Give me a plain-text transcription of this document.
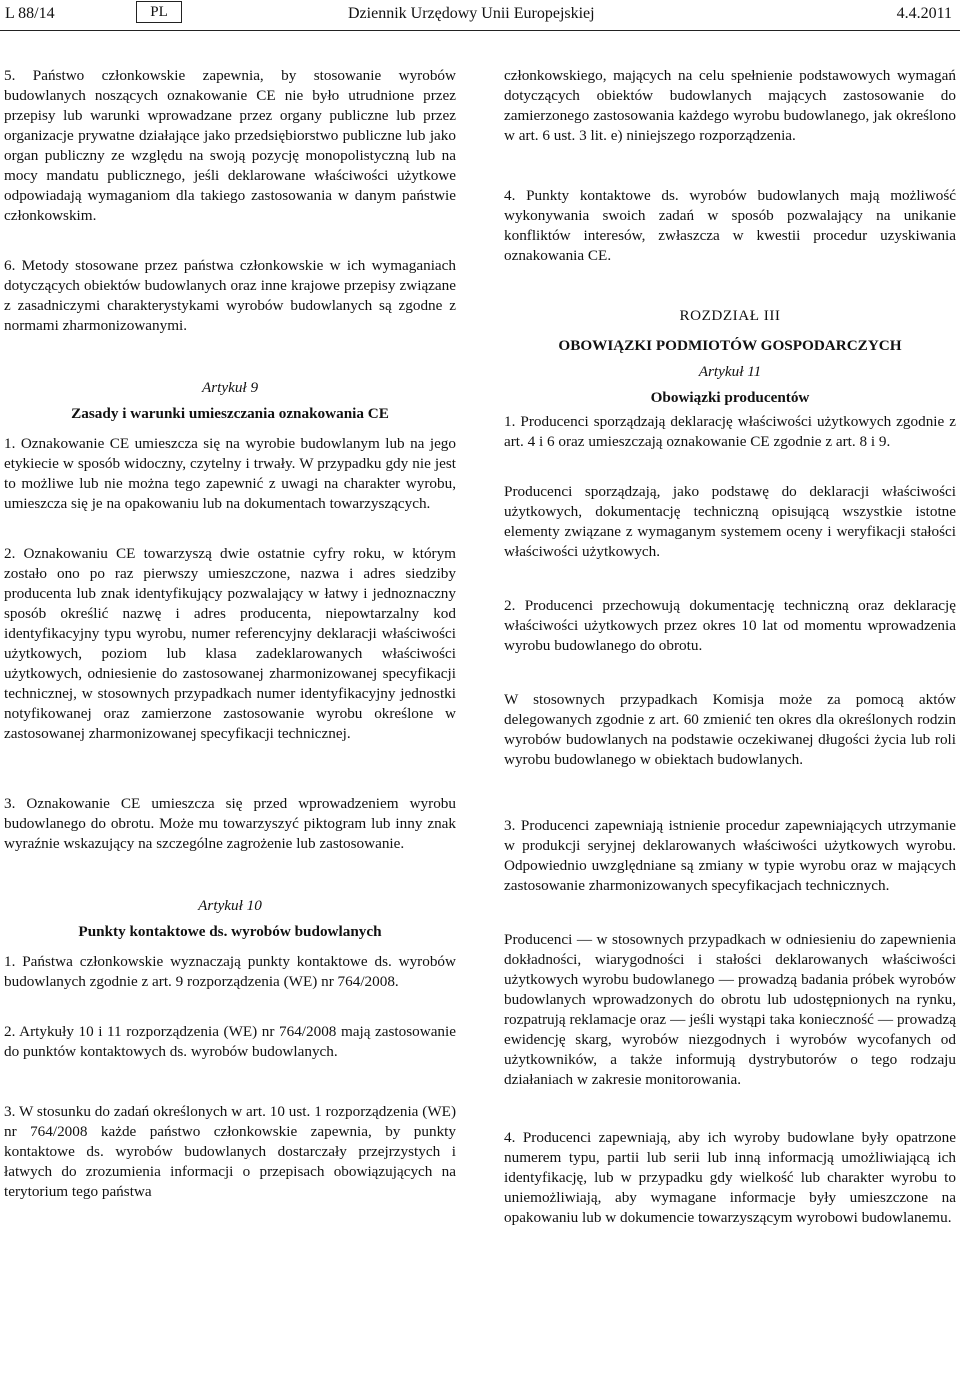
L 88/14	PL	Dziennik Urzędowy Unii Europejskiej	4.4.2011

5. Państwo członkowskie zapewnia, by stosowanie wyrobów budowlanych noszących oznakowanie CE nie było utrudnione przez przepisy lub warunki wprowadzane przez organy publiczne lub przez organizacje prywatne działające jako przedsiębiorstwo publiczne lub jako organ publiczny ze względu na swoją pozycję monopolistyczną lub na mocy mandatu publicznego, jeśli deklarowane właściwości użytkowe odpowiadają wymaganiom dla takiego zastosowania w danym państwie członkowskim.

6. Metody stosowane przez państwa członkowskie w ich wymaganiach dotyczących obiektów budowlanych oraz inne krajowe przepisy związane z zasadniczymi charakterystykami wyrobów budowlanych są zgodne z normami zharmonizowanymi.

Artykuł 9

Zasady i warunki umieszczania oznakowania CE

1. Oznakowanie CE umieszcza się na wyrobie budowlanym lub na jego etykiecie w sposób widoczny, czytelny i trwały. W przypadku gdy nie jest to możliwe lub nie można tego zapewnić z uwagi na charakter wyrobu, umieszcza się je na opakowaniu lub na dokumentach towarzyszących.

2. Oznakowaniu CE towarzyszą dwie ostatnie cyfry roku, w którym zostało ono po raz pierwszy umieszczone, nazwa i adres siedziby producenta lub znak identyfikujący pozwalający w łatwy i jednoznaczny sposób określić nazwę i adres producenta, niepowtarzalny kod identyfikacyjny typu wyrobu, numer referencyjny deklaracji właściwości użytkowych, poziom lub klasa zadeklarowanych właściwości użytkowych, odniesienie do zastosowanej zharmonizowanej specyfikacji technicznej, w stosownych przypadkach numer identyfikacyjny jednostki notyfikowanej oraz zamierzone zastosowanie wyrobu określone w zastosowanej zharmonizowanej specyfikacji technicznej.

3. Oznakowanie CE umieszcza się przed wprowadzeniem wyrobu budowlanego do obrotu. Może mu towarzyszyć piktogram lub inny znak wyraźnie wskazujący na szczególne zagrożenie lub zastosowanie.

Artykuł 10

Punkty kontaktowe ds. wyrobów budowlanych

1. Państwa członkowskie wyznaczają punkty kontaktowe ds. wyrobów budowlanych zgodnie z art. 9 rozporządzenia (WE) nr 764/2008.

2. Artykuły 10 i 11 rozporządzenia (WE) nr 764/2008 mają zastosowanie do punktów kontaktowych ds. wyrobów budowlanych.

3. W stosunku do zadań określonych w art. 10 ust. 1 rozporządzenia (WE) nr 764/2008 każde państwo członkowskie zapewnia, by punkty kontaktowe ds. wyrobów budowlanych dostarczały przejrzystych i łatwych do zrozumienia informacji o przepisach obowiązujących na terytorium tego państwa

członkowskiego, mających na celu spełnienie podstawowych wymagań dotyczących obiektów budowlanych mających zastosowanie do zamierzonego zastosowania każdego wyrobu budowlanego, jak określono w art. 6 ust. 3 lit. e) niniejszego rozporządzenia.

4. Punkty kontaktowe ds. wyrobów budowlanych mają możliwość wykonywania swoich zadań w sposób pozwalający na unikanie konfliktów interesów, zwłaszcza w kwestii procedur uzyskiwania oznakowania CE.

ROZDZIAŁ III

OBOWIĄZKI PODMIOTÓW GOSPODARCZYCH

Artykuł 11

Obowiązki producentów

1. Producenci sporządzają deklarację właściwości użytkowych zgodnie z art. 4 i 6 oraz umieszczają oznakowanie CE zgodnie z art. 8 i 9.

Producenci sporządzają, jako podstawę do deklaracji właściwości użytkowych, dokumentację techniczną opisującą wszystkie istotne elementy związane z wymaganym systemem oceny i weryfikacji stałości właściwości użytkowych.

2. Producenci przechowują dokumentację techniczną oraz deklarację właściwości użytkowych przez okres 10 lat od momentu wprowadzenia wyrobu budowlanego do obrotu.

W stosownych przypadkach Komisja może za pomocą aktów delegowanych zgodnie z art. 60 zmienić ten okres dla określonych rodzin wyrobów budowlanych na podstawie oczekiwanej długości życia lub roli wyrobu budowlanego w obiektach budowlanych.

3. Producenci zapewniają istnienie procedur zapewniających utrzymanie w produkcji seryjnej deklarowanych właściwości użytkowych wyrobu. Odpowiednio uwzględniane są zmiany w typie wyrobu oraz w mających zastosowanie zharmonizowanych specyfikacjach technicznych.

Producenci — w stosownych przypadkach w odniesieniu do zapewnienia dokładności, wiarygodności i stałości deklarowanych właściwości użytkowych wyrobu budowlanego — prowadzą badania próbek wyrobów budowlanych wprowadzonych do obrotu lub udostępnionych na rynku, rozpatrują reklamacje oraz — jeśli wystąpi taka konieczność — prowadzą ewidencję skarg, wyrobów niezgodnych i wyrobów wycofanych od użytkowników, a także informują dystrybutorów o tego rodzaju działaniach w zakresie monitorowania.

4. Producenci zapewniają, aby ich wyroby budowlane były opatrzone numerem typu, partii lub serii lub inną informacją umożliwiającą ich identyfikację, lub w przypadku gdy wielkość lub charakter wyrobu to uniemożliwiają, aby wymagane informacje były umieszczone na opakowaniu lub w dokumencie towarzyszącym wyrobowi budowlanemu.
